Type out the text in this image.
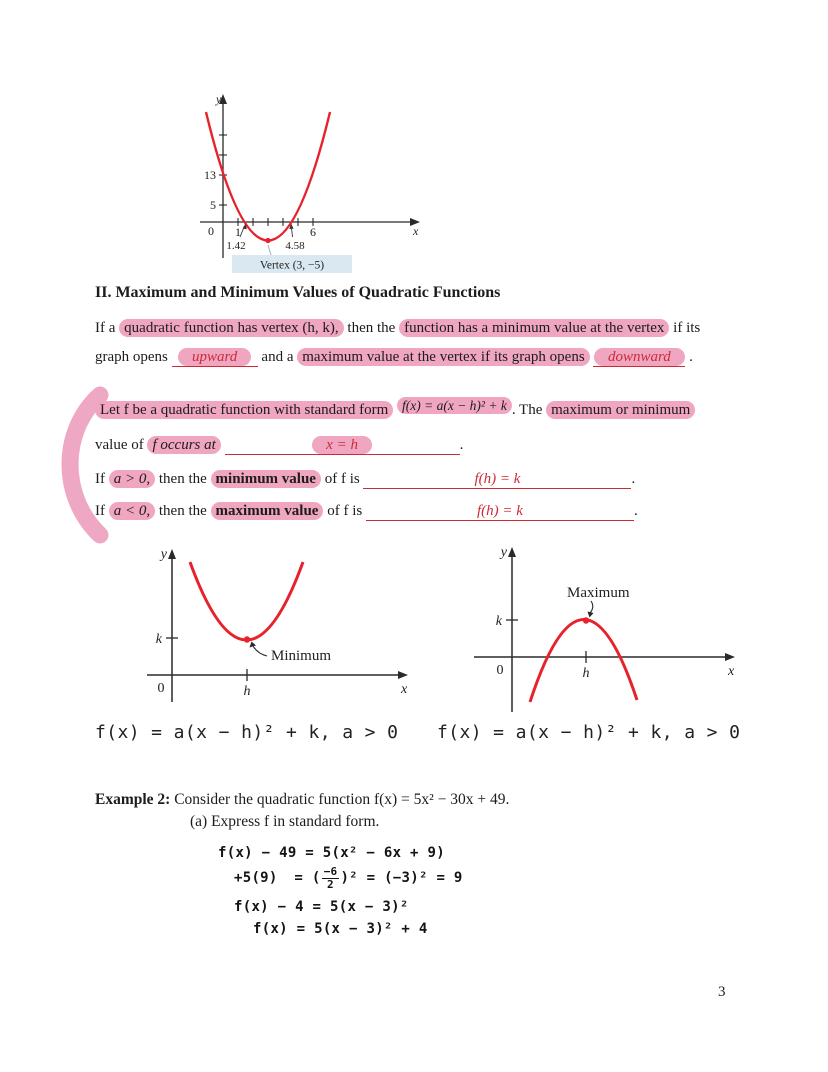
y
x
0
13
5
1	6
1.42	4.58
Vertex (3, −5)
II. Maximum and Minimum Values of Quadratic Functions
If a quadratic function has vertex (h, k), then the function has a minimum value at the vertex if its
graph opens upward and a maximum value at the vertex if its graph opens downward .
Let f be a quadratic function with standard form f(x) = a(x − h)² + k . The maximum or minimum
value of f occurs at	x = h	.
If a > 0, then the minimum value of f is	f(h) = k	.
If a < 0, then the maximum value of f is	f(h) = k	.
y
x
0
k
h
Minimum
y
x
0
k
h
Maximum
f(x) = a(x − h)² + k, a > 0 f(x) = a(x − h)² + k, a > 0
Example 2: Consider the quadratic function f(x) = 5x² − 30x + 49.
(a) Express f in standard form.
f(x) − 49 = 5(x² − 6x + 9)
+5(9) = ( $\frac{-6}{2} )^2 = (-3)^2 = 9$
f(x) − 4 = 5(x − 3)²
f(x) = 5(x − 3)² + 4
3
